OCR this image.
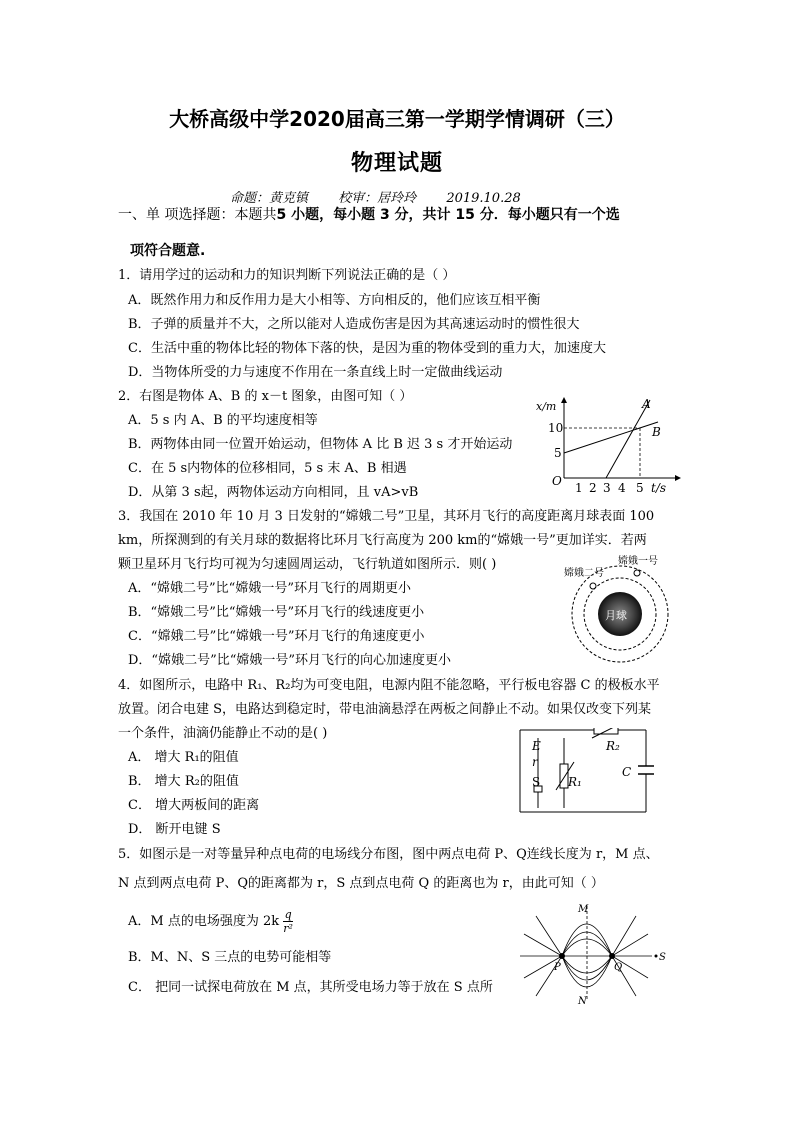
大桥高级中学2020届高三第一学期学情调研（三）
物理试题
命题：黄克镇 校审：居玲玲 2019.10.28
一、单 项选择题：本题共5 小题，每小题 3 分，共计 15 分．每小题只有一个选
项符合题意.
1．请用学过的运动和力的知识判断下列说法正确的是（ ）
A．既然作用力和反作用力是大小相等、方向相反的，他们应该互相平衡
B．子弹的质量并不大，之所以能对人造成伤害是因为其高速运动时的惯性很大
C．生活中重的物体比轻的物体下落的快，是因为重的物体受到的重力大，加速度大
D．当物体所受的力与速度不作用在一条直线上时一定做曲线运动
2．右图是物体 A、B 的 x－t 图象，由图可知（ ）
A．5 s 内 A、B 的平均速度相等
B．两物体由同一位置开始运动，但物体 A 比 B 迟 3 s 才开始运动
C．在 5 s内物体的位移相同，5 s 末 A、B 相遇
D．从第 3 s起，两物体运动方向相同，且 vA>vB
x/m
10
5
O 1 2 3 4 5 t/s
A
B
3．我国在 2010 年 10 月 3 日发射的“嫦娥二号”卫星，其环月飞行的高度距离月球表面 100
km，所探测到的有关月球的数据将比环月飞行高度为 200 km的“嫦娥一号”更加详实．若两
颗卫星环月飞行均可视为匀速圆周运动，飞行轨道如图所示．则( )
A．“嫦娥二号”比“嫦娥一号”环月飞行的周期更小
B．“嫦娥二号”比“嫦娥一号”环月飞行的线速度更小
C．“嫦娥二号”比“嫦娥一号”环月飞行的角速度更小
D．“嫦娥二号”比“嫦娥一号”环月飞行的向心加速度更小
月球
嫦娥一号
嫦娥二号
4．如图所示，电路中 R₁、R₂均为可变电阻，电源内阻不能忽略，平行板电容器 C 的极板水平
放置。闭合电建 S，电路达到稳定时，带电油滴悬浮在两板之间静止不动。如果仅改变下列某
一个条件，油滴仍能静止不动的是( )
A． 增大 R₁的阻值
B． 增大 R₂的阻值
C． 增大两板间的距离
D． 断开电键 S
E
r
S R₁
R₂
C
5．如图示是一对等量异种点电荷的电场线分布图，图中两点电荷 P、Q连线长度为 r，M 点、
N 点到两点电荷 P、Q的距离都为 r，S 点到点电荷 Q 的距离也为 r，由此可知（ ）
A．M 点的电场强度为 $2k \frac{q}{\text{r²}}$
B．M、N、S 三点的电势可能相等
C． 把同一试探电荷放在 M 点，其所受电场力等于放在 S 点所
M
N
P	Q
S
